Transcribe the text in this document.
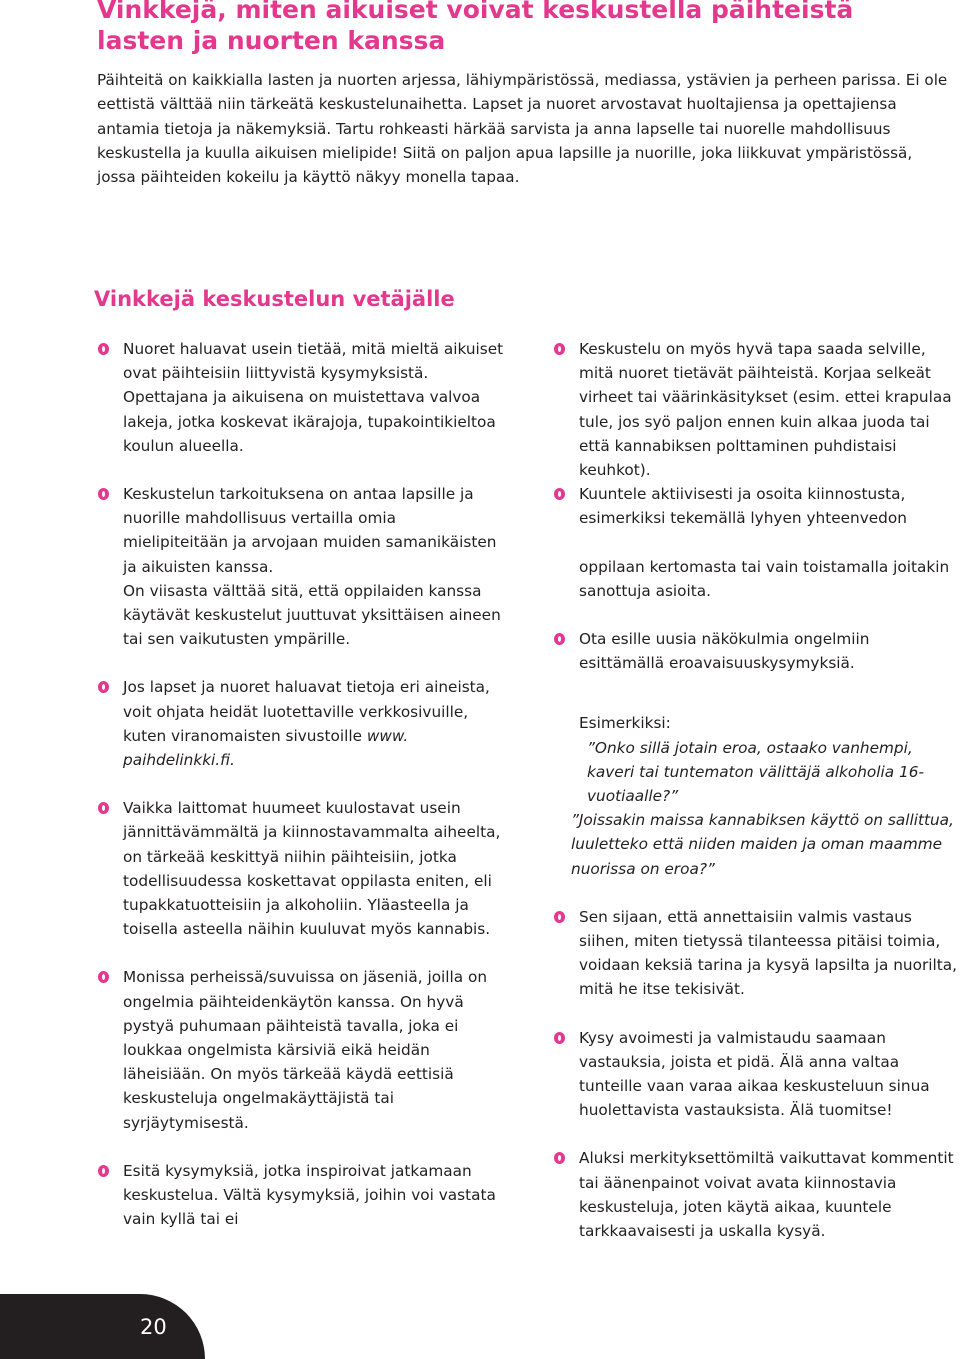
Vinkkejä, miten aikuiset voivat keskustella päihteistä lasten ja nuorten kanssa

Päihteitä on kaikkialla lasten ja nuorten arjessa, lähiympäristössä, mediassa, ystävien ja perheen parissa. Ei ole eettistä välttää niin tärkeätä keskustelunaihetta. Lapset ja nuoret arvostavat huoltajiensa ja opettajiensa antamia tietoja ja näkemyksiä. Tartu rohkeasti härkää sarvista ja anna lapselle tai nuorelle mahdollisuus keskustella ja kuulla aikuisen mielipide! Siitä on paljon apua lapsille ja nuorille, joka liikkuvat ympäristössä, jossa päihteiden kokeilu ja käyttö näkyy monella tapaa.

Vinkkejä keskustelun vetäjälle

Nuoret haluavat usein tietää, mitä mieltä aikuiset ovat päihteisiin liittyvistä kysymyksistä.

Opettajana ja aikuisena on muistettava valvoa lakeja, jotka koskevat ikärajoja, tupakointikieltoa koulun alueella.

Keskustelun tarkoituksena on antaa lapsille ja nuorille mahdollisuus vertailla omia mielipiteitään ja arvojaan muiden samanikäisten ja aikuisten kanssa.

On viisasta välttää sitä, että oppilaiden kanssa käytävät keskustelut juuttuvat yksittäisen aineen tai sen vaikutusten ympärille.

Jos lapset ja nuoret haluavat tietoja eri aineista, voit ohjata heidät luotettaville verkkosivuille, kuten viranomaisten sivustoille www. paihdelinkki.fi.

Vaikka laittomat huumeet kuulostavat usein jännittävämmältä ja kiinnostavammalta aiheelta, on tärkeää keskittyä niihin päihteisiin, jotka todellisuudessa koskettavat oppilasta eniten, eli tupakkatuotteisiin ja alkoholiin. Yläasteella ja toisella asteella näihin kuuluvat myös kannabis.

Monissa perheissä/suvuissa on jäseniä, joilla on ongelmia päihteidenkäytön kanssa. On hyvä pystyä puhumaan päihteistä tavalla, joka ei loukkaa ongelmista kärsiviä eikä heidän läheisiään. On myös tärkeää käydä eettisiä keskusteluja ongelmakäyttäjistä tai syrjäytymisestä.

Esitä kysymyksiä, jotka inspiroivat jatkamaan keskustelua. Vältä kysymyksiä, joihin voi vastata vain kyllä tai ei

Keskustelu on myös hyvä tapa saada selville, mitä nuoret tietävät päihteistä. Korjaa selkeät virheet tai väärinkäsitykset (esim. ettei krapulaa tule, jos syö paljon ennen kuin alkaa juoda tai että kannabiksen polttaminen puhdistaisi keuhkot).

Kuuntele aktiivisesti ja osoita kiinnostusta, esimerkiksi tekemällä lyhyen yhteenvedon

oppilaan kertomasta tai vain toistamalla joitakin sanottuja asioita.

Ota esille uusia näkökulmia ongelmiin esittämällä eroavaisuuskysymyksiä.

Esimerkiksi:

”Onko sillä jotain eroa, ostaako vanhempi, kaveri tai tuntematon välittäjä alkoholia 16-vuotiaalle?”

”Joissakin maissa kannabiksen käyttö on sallittua, luuletteko että niiden maiden ja oman maamme nuorissa on eroa?”

Sen sijaan, että annettaisiin valmis vastaus siihen, miten tietyssä tilanteessa pitäisi toimia, voidaan keksiä tarina ja kysyä lapsilta ja nuorilta, mitä he itse tekisivät.

Kysy avoimesti ja valmistaudu saamaan vastauksia, joista et pidä. Älä anna valtaa tunteille vaan varaa aikaa keskusteluun sinua huolettavista vastauksista. Älä tuomitse!

Aluksi merkityksettömiltä vaikuttavat kommentit tai äänenpainot voivat avata kiinnostavia keskusteluja, joten käytä aikaa, kuuntele tarkkaavaisesti ja uskalla kysyä.

20
